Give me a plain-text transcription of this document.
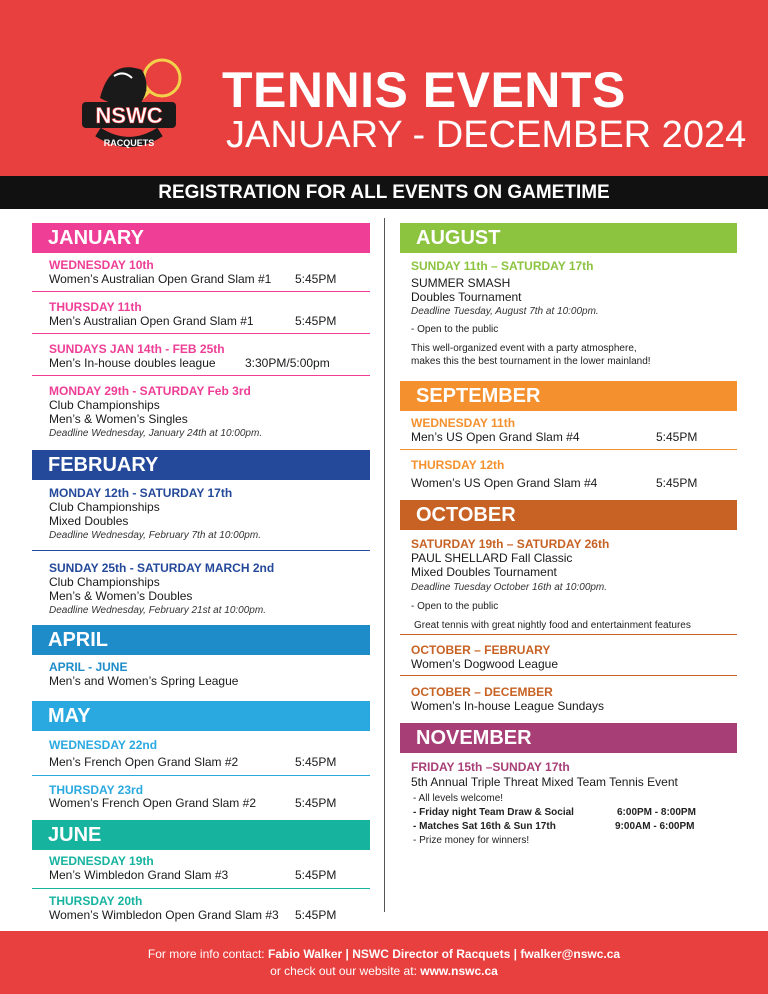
NSWC
RACQUETS
TENNIS EVENTS
JANUARY - DECEMBER 2024
REGISTRATION FOR ALL EVENTS ON GAMETIME
JANUARY
WEDNESDAY 10th
Women’s Australian Open Grand Slam #1 5:45PM
THURSDAY 11th
Men’s Australian Open Grand Slam #1	5:45PM
SUNDAYS JAN 14th - FEB 25th
Men’s In-house doubles league 3:30PM/5:00pm
MONDAY 29th - SATURDAY Feb 3rd
Club Championships
Men’s & Women’s Singles
Deadline Wednesday, January 24th at 10:00pm.
FEBRUARY
MONDAY 12th - SATURDAY 17th
Club Championships
Mixed Doubles
Deadline Wednesday, February 7th at 10:00pm.
SUNDAY 25th - SATURDAY MARCH 2nd
Club Championships
Men’s & Women’s Doubles
Deadline Wednesday, February 21st at 10:00pm.
APRIL
APRIL - JUNE
Men’s and Women’s Spring League
MAY
WEDNESDAY 22nd
Men’s French Open Grand Slam #2	5:45PM
THURSDAY 23rd
Women’s French Open Grand Slam #2	5:45PM
JUNE
WEDNESDAY 19th
Men’s Wimbledon Grand Slam #3	5:45PM
THURSDAY 20th
Women’s Wimbledon Open Grand Slam #3 5:45PM
AUGUST
SUNDAY 11th – SATURDAY 17th
SUMMER SMASH
Doubles Tournament
Deadline Tuesday, August 7th at 10:00pm.
- Open to the public
This well-organized event with a party atmosphere,
makes this the best tournament in the lower mainland!
SEPTEMBER
WEDNESDAY 11th
Men’s US Open Grand Slam #4	5:45PM
THURSDAY 12th
Women’s US Open Grand Slam #4	5:45PM
OCTOBER
SATURDAY 19th – SATURDAY 26th
PAUL SHELLARD Fall Classic
Mixed Doubles Tournament
Deadline Tuesday October 16th at 10:00pm.
- Open to the public
Great tennis with great nightly food and entertainment features
OCTOBER – FEBRUARY
Women’s Dogwood League
OCTOBER – DECEMBER
Women’s In-house League Sundays
NOVEMBER
FRIDAY 15th –SUNDAY 17th
5th Annual Triple Threat Mixed Team Tennis Event
- All levels welcome!
- Friday night Team Draw & Social	6:00PM - 8:00PM
- Matches Sat 16th & Sun 17th	9:00AM - 6:00PM
- Prize money for winners!
For more info contact: Fabio Walker | NSWC Director of Racquets | fwalker@nswc.ca
or check out our website at: www.nswc.ca
